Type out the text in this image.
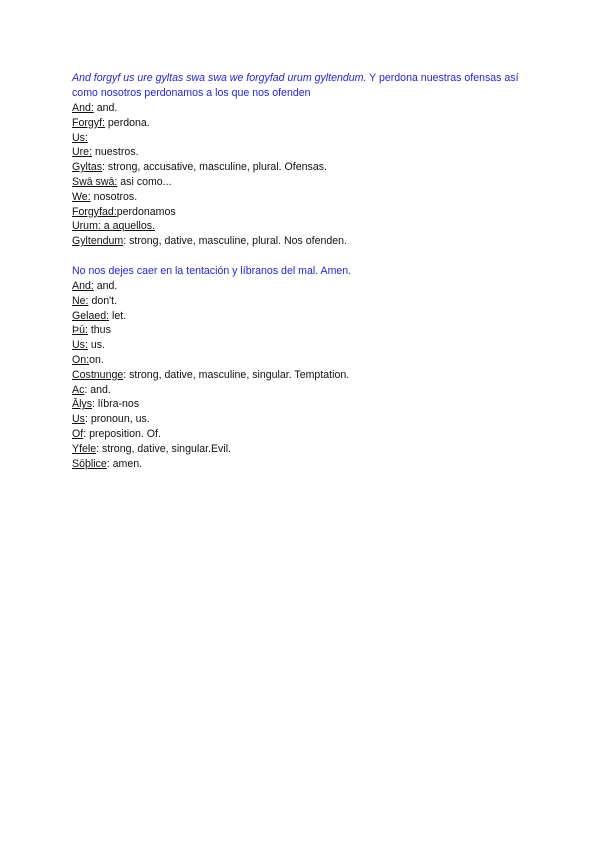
And forgyf us ure gyltas swa swa we forgyfad urum gyltendum. Y perdona nuestras ofensas así como nosotros perdonamos a los que nos ofenden

And: and.
Forgyf: perdona.
Us:
Ure: nuestros.
Gyltas: strong, accusative, masculine, plural. Ofensas.
Swā swā: asi como...
We: nosotros.
Forgyfad:perdonamos
Urum: a aquellos.
Gyltendum: strong, dative, masculine, plural. Nos ofenden.

No nos dejes caer en la tentación y líbranos del mal. Amen.

And: and.
Ne: don't.
Gelaed: let.
Þū: thus
Us: us.
On:on.
Costnunge: strong, dative, masculine, singular. Temptation.
Ac: and.
Ālys: líbra-nos
Us: pronoun, us.
Of: preposition. Of.
Yfele: strong, dative, singular.Evil.
Sōþlice: amen.
